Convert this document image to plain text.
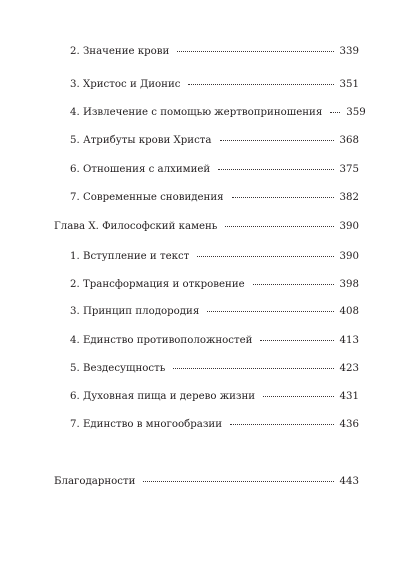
2. Значение крови	339
3. Христос и Дионис	351
4. Извлечение с помощью жертвоприношения 359
5. Атрибуты крови Христа	368
6. Отношения с алхимией	375
7. Современные сновидения	382
Глава X. Философский камень	390
1. Вступление и текст	390
2. Трансформация и откровение	398
3. Принцип плодородия	408
4. Единство противоположностей	413
5. Вездесущность	423
6. Духовная пища и дерево жизни	431
7. Единство в многообразии	436
Благодарности	443
